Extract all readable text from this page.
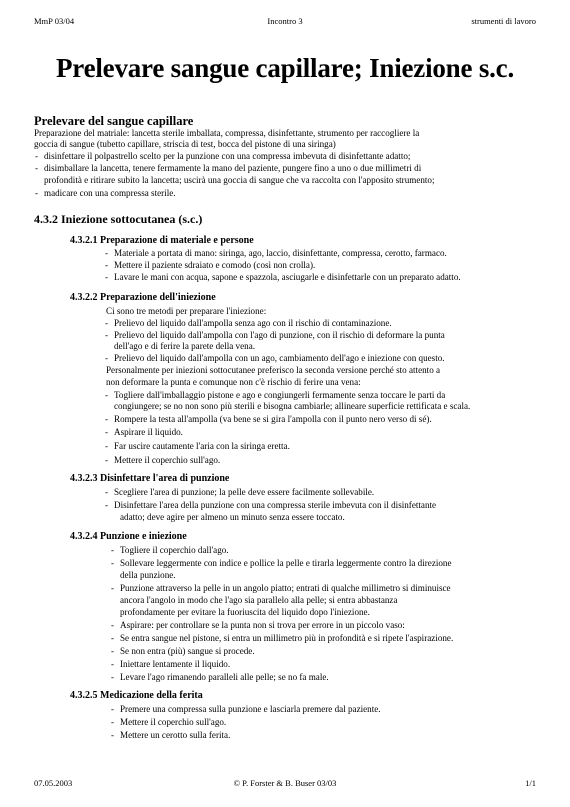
MmP 03/04	Incontro 3	strumenti di lavoro
Prelevare sangue capillare; Iniezione s.c.
Prelevare del sangue capillare
Preparazione del matriale: lancetta sterile imballata, compressa, disinfettante, strumento per raccogliere la
goccia di sangue (tubetto capillare, striscia di test, bocca del pistone di una siringa)
- disinfettare il polpastrello scelto per la punzione con una compressa imbevuta di disinfettante adatto;
- disimballare la lancetta, tenere fermamente la mano del paziente, pungere fino a uno o due millimetri di
profondità e ritirare subito la lancetta; uscirà una goccia di sangue che va raccolta con l'apposito strumento;
- madicare con una compressa sterile.
4.3.2 Iniezione sottocutanea (s.c.)
4.3.2.1 Preparazione di materiale e persone
- Materiale a portata di mano: siringa, ago, laccio, disinfettante, compressa, cerotto, farmaco.
- Mettere il paziente sdraiato e comodo (così non crolla).
- Lavare le mani con acqua, sapone e spazzola, asciugarle e disinfettarle con un preparato adatto.
4.3.2.2 Preparazione dell'iniezione
Ci sono tre metodi per preparare l'iniezione:
- Prelievo del liquido dall'ampolla senza ago con il rischio di contaminazione.
- Prelievo del liquido dall'ampolla con l'ago di punzione, con il rischio di deformare la punta
dell'ago e di ferire la parete della vena.
- Prelievo del liquido dall'ampolla con un ago, cambiamento dell'ago e iniezione con questo.
Personalmente per iniezioni sottocutanee preferisco la seconda versione perché sto attento a
non deformare la punta e comunque non c'è rischio di ferire una vena:
- Togliere dall'imballaggio pistone e ago e congiungerli fermamente senza toccare le parti da
congiungere; se no non sono più sterili e bisogna cambiarle; allineare superficie rettificata e scala.
- Rompere la testa all'ampolla (va bene se si gira l'ampolla con il punto nero verso di sé).
- Aspirare il liquido.
- Far uscire cautamente l'aria con la siringa eretta.
- Mettere il coperchio sull'ago.
4.3.2.3 Disinfettare l'area di punzione
- Scegliere l'area di punzione; la pelle deve essere facilmente sollevabile.
- Disinfettare l'area della punzione con una compressa sterile imbevuta con il disinfettante
adatto; deve agire per almeno un minuto senza essere toccato.
4.3.2.4 Punzione e iniezione
- Togliere il coperchio dall'ago.
- Sollevare leggermente con indice e pollice la pelle e tirarla leggermente contro la direzione
della punzione.
- Punzione attraverso la pelle in un angolo piatto; entrati di qualche millimetro si diminuisce
ancora l'angolo in modo che l'ago sia parallelo alla pelle; si entra abbastanza
profondamente per evitare la fuoriuscita del liquido dopo l'iniezione.
- Aspirare: per controllare se la punta non si trova per errore in un piccolo vaso:
- Se entra sangue nel pistone, si entra un millimetro più in profondità e si ripete l'aspirazione.
- Se non entra (più) sangue si procede.
- Iniettare lentamente il liquido.
- Levare l'ago rimanendo paralleli alle pelle; se no fa male.
4.3.2.5 Medicazione della ferita
- Premere una compressa sulla punzione e lasciarla premere dal paziente.
- Mettere il coperchio sull'ago.
- Mettere un cerotto sulla ferita.
07.05.2003	© P. Forster & B. Buser 03/03	1/1
